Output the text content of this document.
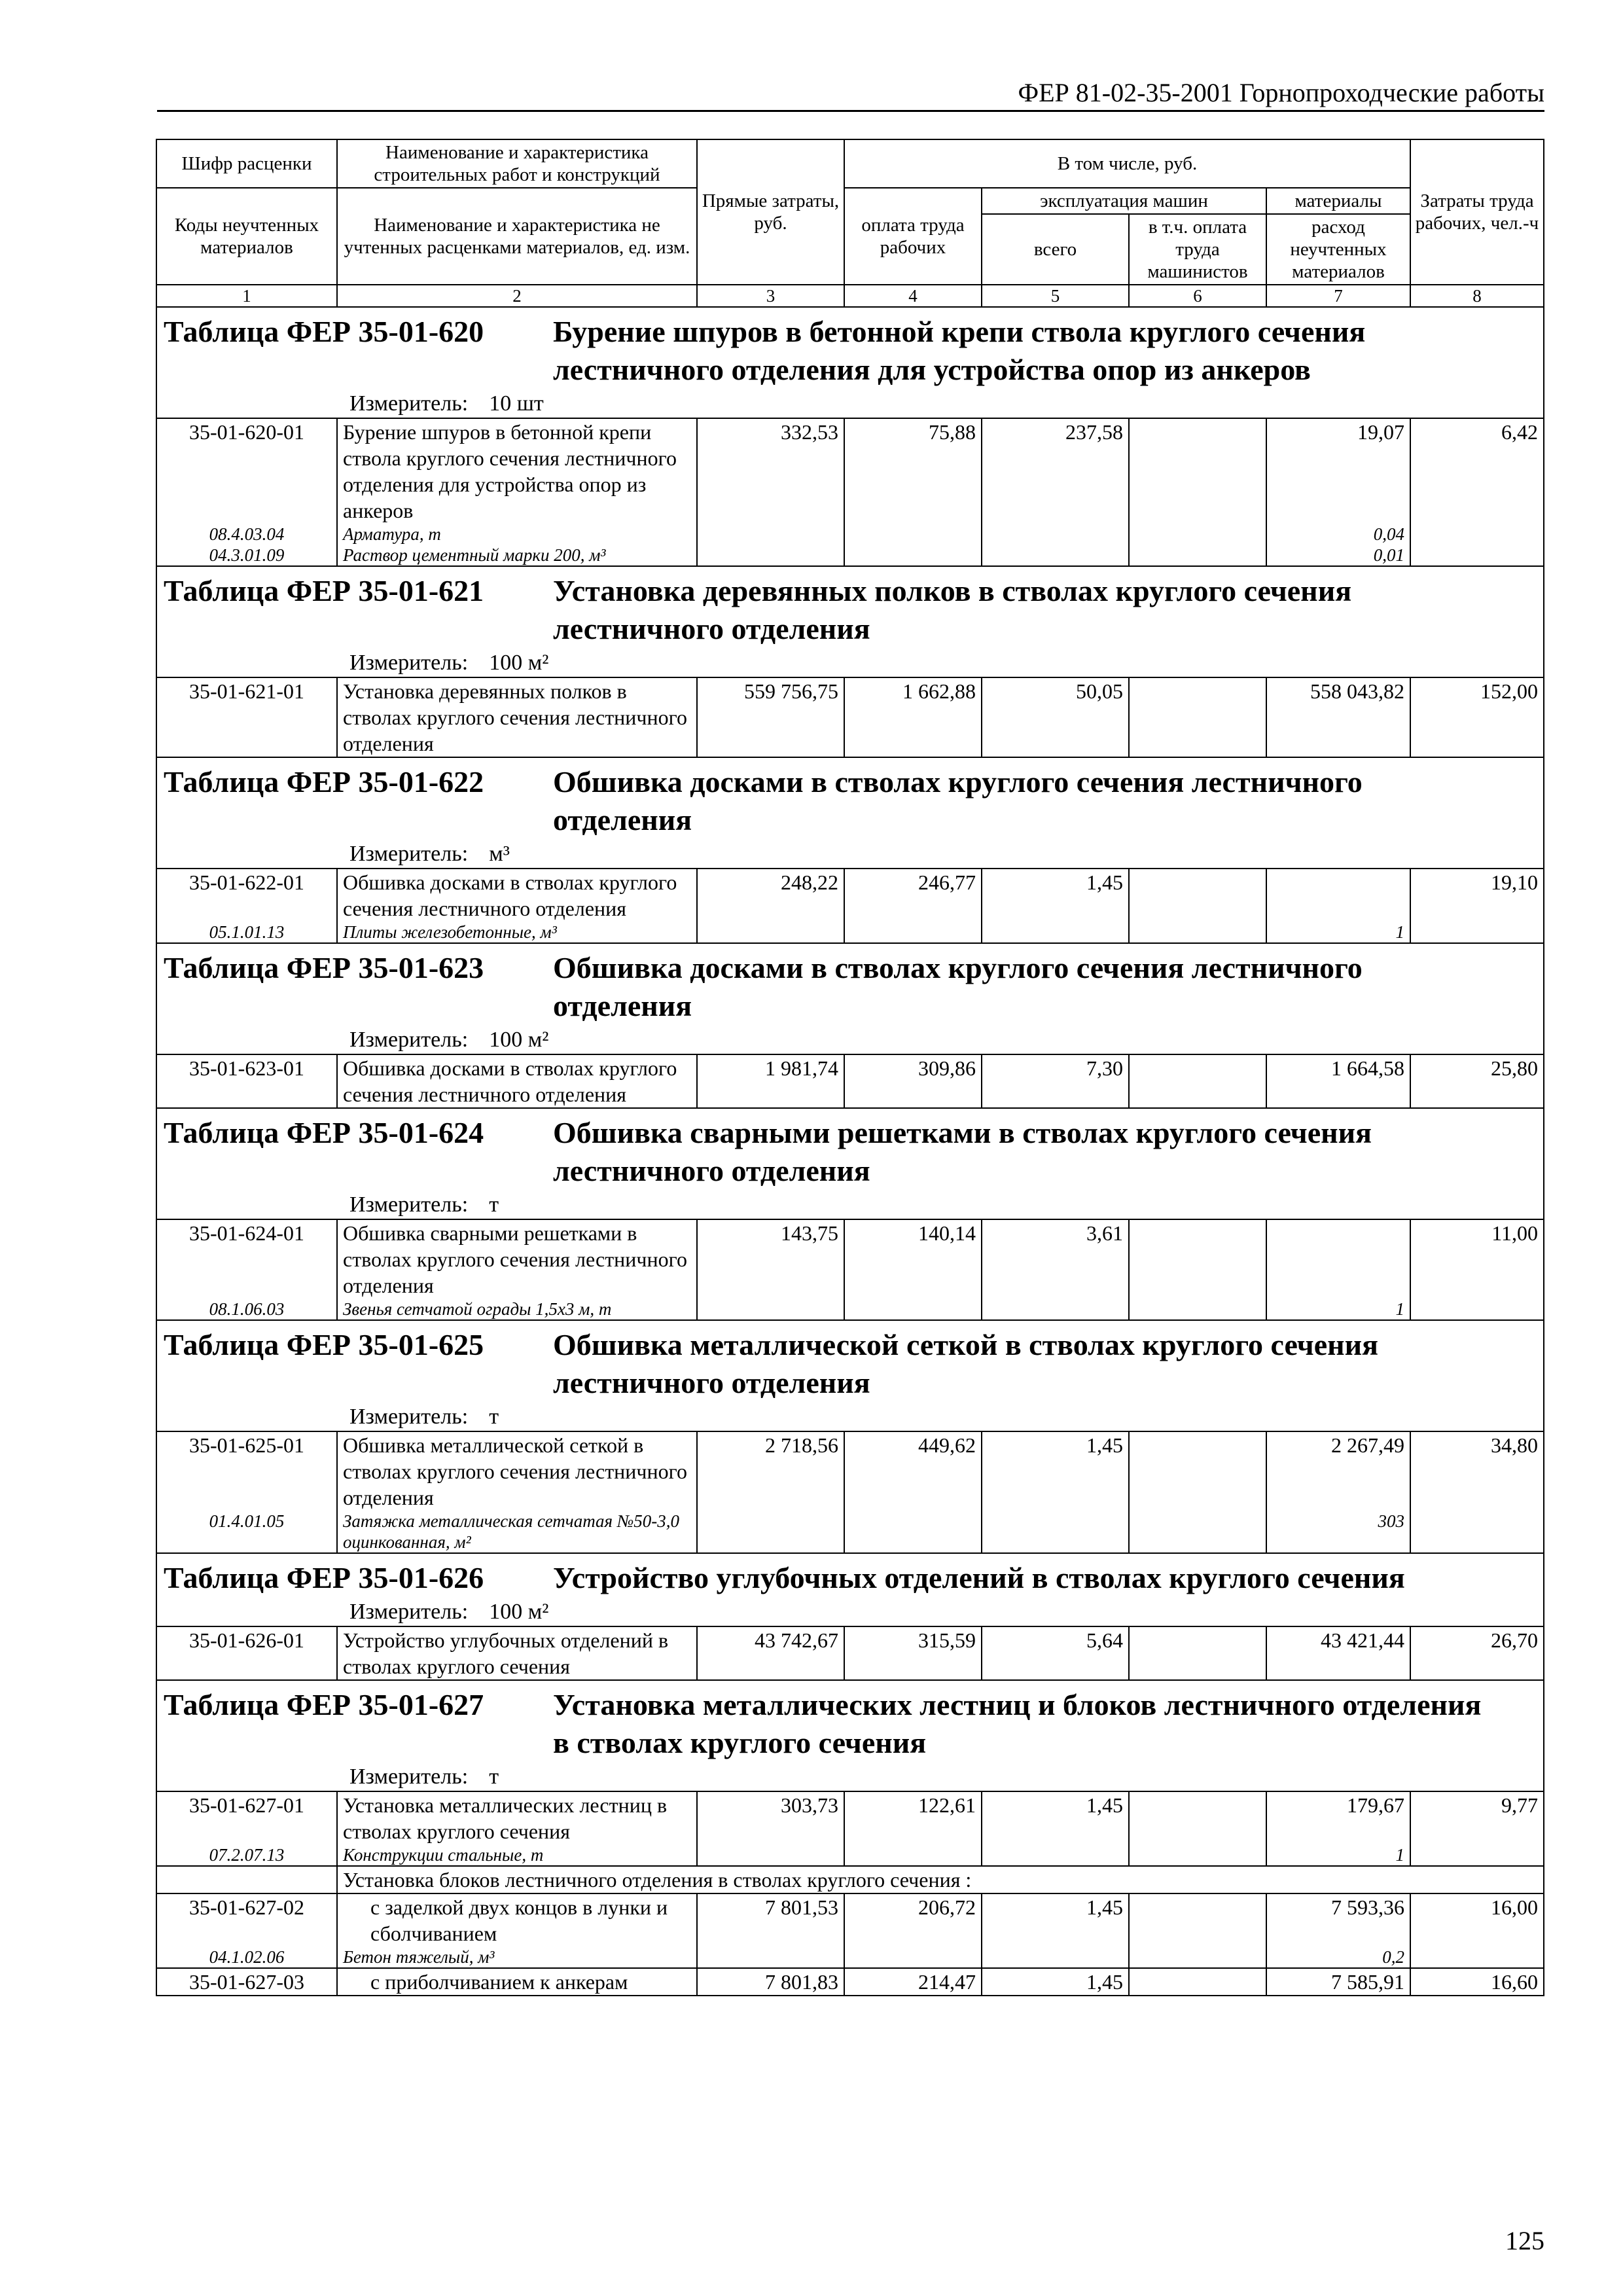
ФЕР 81-02-35-2001 Горнопроходческие работы
Шифр расценки	Наименование и характеристика строительных работ и конструкций	Прямые затраты, руб.	В том числе, руб.				Затраты труда рабочих, чел.-ч

Коды неучтенных материалов	Наименование и характеристика не учтенных расценками материалов, ед. изм.		оплата труда рабочих	эксплуатация машин		материалы	
				всего	в т.ч. оплата труда машинистов	расход неучтенных материалов	
1	2	3	4	5	6	7	8
Таблица ФЕР 35-01-620 Бурение шпуров в бетонной крепи ствола круглого сечения лестничного отделения для устройства опор из анкеров							
Измеритель: 10 шт							
35-01-620-01	Бурение шпуров в бетонной крепи ствола круглого сечения лестничного отделения для устройства опор из анкеров	332,53	75,88	237,58		19,07	6,42
08.4.03.04	Арматура, т					0,04	
04.3.01.09	Раствор цементный марки 200, м³					0,01	
Таблица ФЕР 35-01-621 Установка деревянных полков в стволах круглого сечения лестничного отделения							
Измеритель: 100 м²							
35-01-621-01	Установка деревянных полков в стволах круглого сечения лестничного отделения	559 756,75	1 662,88	50,05		558 043,82	152,00
Таблица ФЕР 35-01-622 Обшивка досками в стволах круглого сечения лестничного отделения							
Измеритель: м³							
35-01-622-01	Обшивка досками в стволах круглого сечения лестничного отделения	248,22	246,77	1,45			19,10
05.1.01.13	Плиты железобетонные, м³					1	
Таблица ФЕР 35-01-623 Обшивка досками в стволах круглого сечения лестничного отделения							
Измеритель: 100 м²							
35-01-623-01	Обшивка досками в стволах круглого сечения лестничного отделения	1 981,74	309,86	7,30		1 664,58	25,80
Таблица ФЕР 35-01-624 Обшивка сварными решетками в стволах круглого сечения лестничного отделения							
Измеритель: т							
35-01-624-01	Обшивка сварными решетками в стволах круглого сечения лестничного отделения	143,75	140,14	3,61			11,00
08.1.06.03	Звенья сетчатой ограды 1,5х3 м, т					1	
Таблица ФЕР 35-01-625 Обшивка металлической сеткой в стволах круглого сечения лестничного отделения							
Измеритель: т							
35-01-625-01	Обшивка металлической сеткой в стволах круглого сечения лестничного отделения	2 718,56	449,62	1,45		2 267,49	34,80
01.4.01.05	Затяжка металлическая сетчатая №50-3,0 оцинкованная, м²					303	
Таблица ФЕР 35-01-626 Устройство углубочных отделений в стволах круглого сечения							
Измеритель: 100 м²							
35-01-626-01	Устройство углубочных отделений в стволах круглого сечения	43 742,67	315,59	5,64		43 421,44	26,70
Таблица ФЕР 35-01-627 Установка металлических лестниц и блоков лестничного отделения в стволах круглого сечения							
Измеритель: т							
35-01-627-01	Установка металлических лестниц в стволах круглого сечения	303,73	122,61	1,45		179,67	9,77
07.2.07.13	Конструкции стальные, т					1	
	Установка блоков лестничного отделения в стволах круглого сечения :						
35-01-627-02	с заделкой двух концов в лунки и сболчиванием	7 801,53	206,72	1,45		7 593,36	16,00
04.1.02.06	Бетон тяжелый, м³					0,2	
35-01-627-03	с приболчиванием к анкерам	7 801,83	214,47	1,45		7 585,91	16,60
125
